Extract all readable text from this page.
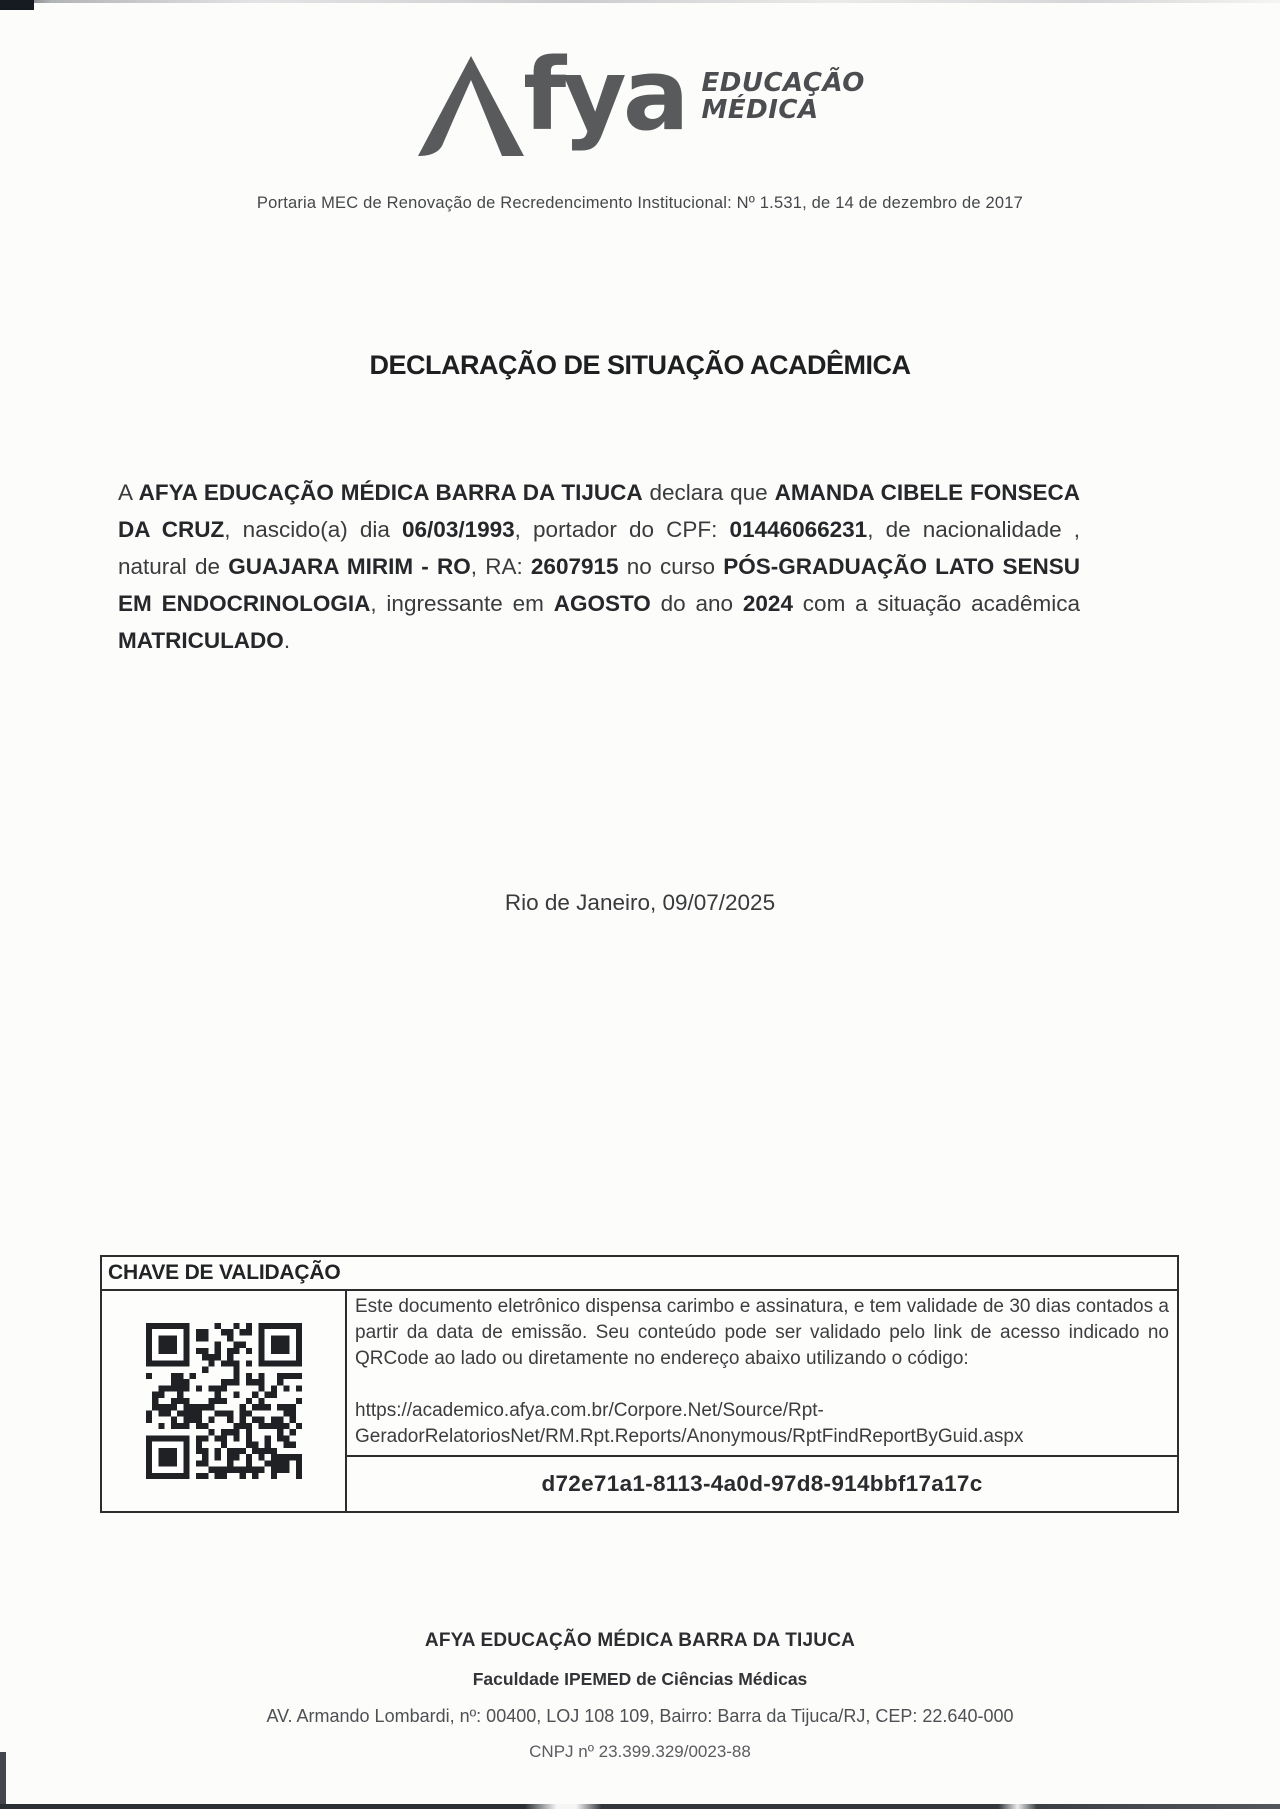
fya EDUCAÇÃO
MÉDICA
Portaria MEC de Renovação de Recredencimento Institucional: Nº 1.531, de 14 de dezembro de 2017
DECLARAÇÃO DE SITUAÇÃO ACADÊMICA
A AFYA EDUCAÇÃO MÉDICA BARRA DA TIJUCA declara que AMANDA CIBELE FONSECA DA CRUZ, nascido(a) dia 06/03/1993, portador do CPF: 01446066231, de nacionalidade , natural de GUAJARA MIRIM - RO, RA: 2607915 no curso PÓS-GRADUAÇÃO LATO SENSU EM ENDOCRINOLOGIA, ingressante em AGOSTO do ano 2024 com a situação acadêmica MATRICULADO.
Rio de Janeiro, 09/07/2025
CHAVE DE VALIDAÇÃO
Este documento eletrônico dispensa carimbo e assinatura, e tem validade de 30 dias contados a partir da data de emissão. Seu conteúdo pode ser validado pelo link de acesso indicado no QRCode ao lado ou diretamente no endereço abaixo utilizando o código:
https://academico.afya.com.br/Corpore.Net/Source/Rpt-
GeradorRelatoriosNet/RM.Rpt.Reports/Anonymous/RptFindReportByGuid.aspx
d72e71a1-8113-4a0d-97d8-914bbf17a17c
AFYA EDUCAÇÃO MÉDICA BARRA DA TIJUCA
Faculdade IPEMED de Ciências Médicas
AV. Armando Lombardi, nº: 00400, LOJ 108 109, Bairro: Barra da Tijuca/RJ, CEP: 22.640-000
CNPJ nº 23.399.329/0023-88
